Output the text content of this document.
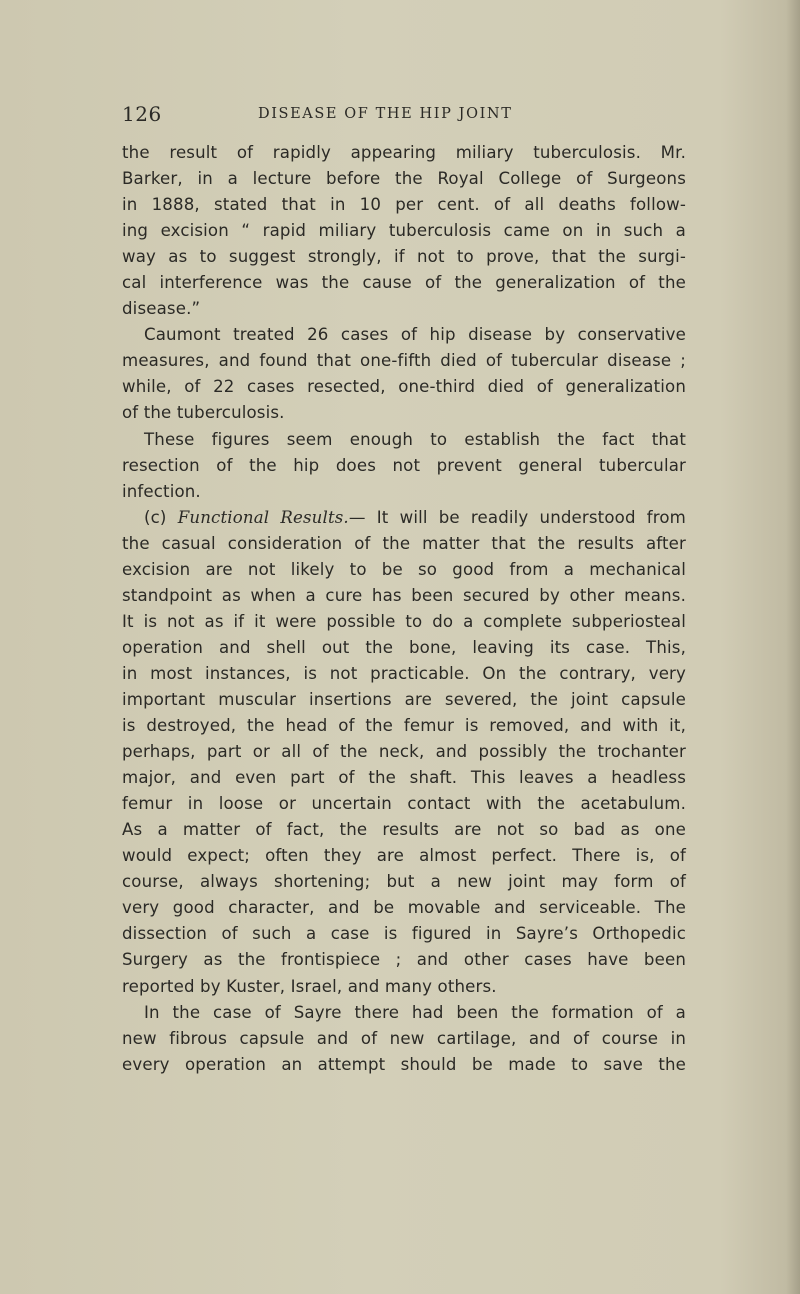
126	DISEASE OF THE HIP JOINT
the result of rapidly appearing miliary tuberculosis. Mr.
Barker, in a lecture before the Royal College of Surgeons
in 1888, stated that in 10 per cent. of all deaths follow-
ing excision “ rapid miliary tuberculosis came on in such a
way as to suggest strongly, if not to prove, that the surgi-
cal interference was the cause of the generalization of the
disease.”
Caumont treated 26 cases of hip disease by conservative
measures, and found that one-fifth died of tubercular disease ;
while, of 22 cases resected, one-third died of generalization
of the tuberculosis.
These figures seem enough to establish the fact that
resection of the hip does not prevent general tubercular
infection.
(c) Functional Results.— It will be readily understood from
the casual consideration of the matter that the results after
excision are not likely to be so good from a mechanical
standpoint as when a cure has been secured by other means.
It is not as if it were possible to do a complete subperiosteal
operation and shell out the bone, leaving its case. This,
in most instances, is not practicable. On the contrary, very
important muscular insertions are severed, the joint capsule
is destroyed, the head of the femur is removed, and with it,
perhaps, part or all of the neck, and possibly the trochanter
major, and even part of the shaft. This leaves a headless
femur in loose or uncertain contact with the acetabulum.
As a matter of fact, the results are not so bad as one
would expect; often they are almost perfect. There is, of
course, always shortening; but a new joint may form of
very good character, and be movable and serviceable. The
dissection of such a case is figured in Sayre’s Orthopedic
Surgery as the frontispiece ; and other cases have been
reported by Kuster, Israel, and many others.
In the case of Sayre there had been the formation of a
new fibrous capsule and of new cartilage, and of course in
every operation an attempt should be made to save the
